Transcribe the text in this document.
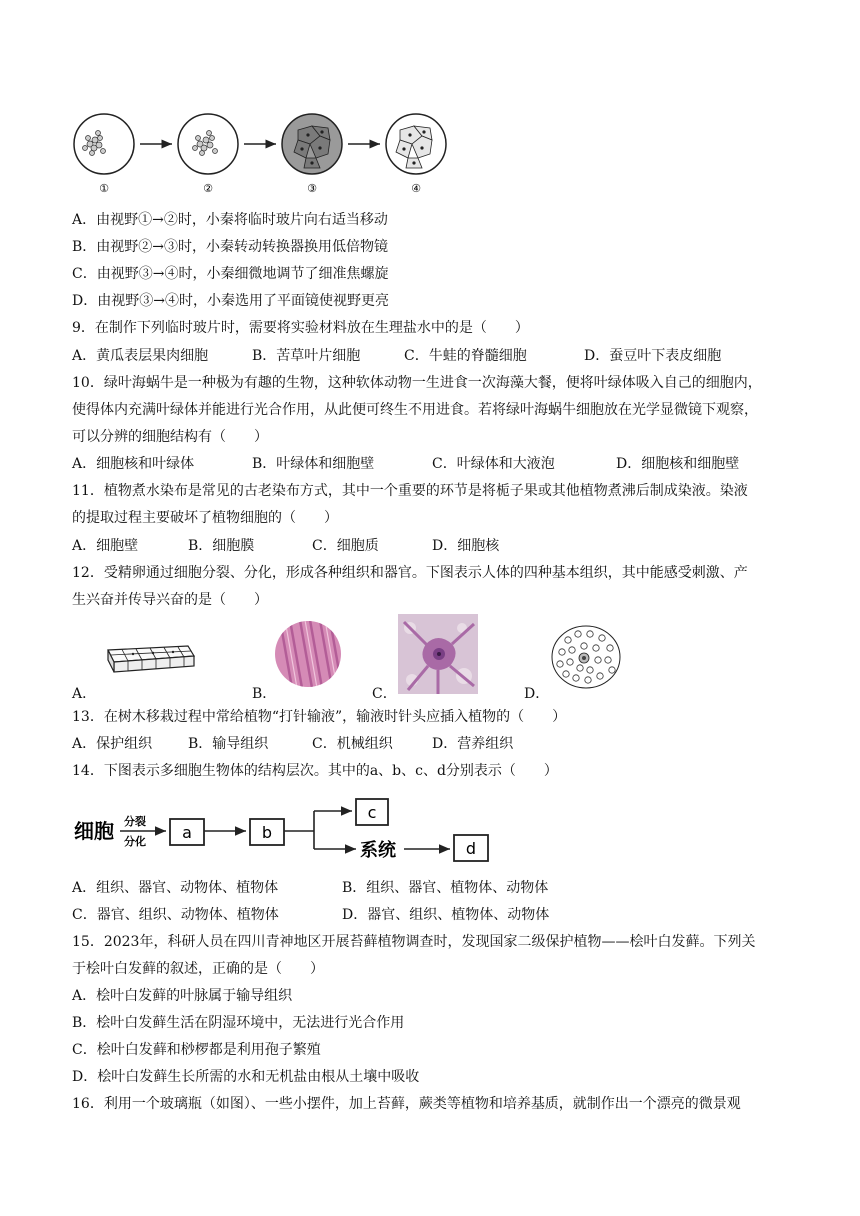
①	②	③	④
A．由视野①→②时，小秦将临时玻片向右适当移动
B．由视野②→③时，小秦转动转换器换用低倍物镜
C．由视野③→④时，小秦细微地调节了细准焦螺旋
D．由视野③→④时，小秦选用了平面镜使视野更亮
9．在制作下列临时玻片时，需要将实验材料放在生理盐水中的是（　　）
A．黄瓜表层果肉细胞	B．苦草叶片细胞	C．牛蛙的脊髓细胞	D．蚕豆叶下表皮细胞
10．绿叶海蜗牛是一种极为有趣的生物，这种软体动物一生进食一次海藻大餐，便将叶绿体吸入自己的细胞内，
使得体内充满叶绿体并能进行光合作用，从此便可终生不用进食。若将绿叶海蜗牛细胞放在光学显微镜下观察，
可以分辨的细胞结构有（　　）
A．细胞核和叶绿体	B．叶绿体和细胞壁	C．叶绿体和大液泡	D．细胞核和细胞壁
11．植物煮水染布是常见的古老染布方式，其中一个重要的环节是将栀子果或其他植物煮沸后制成染液。染液
的提取过程主要破坏了植物细胞的（　　）
A．细胞壁	B．细胞膜	C．细胞质	D．细胞核
12．受精卵通过细胞分裂、分化，形成各种组织和器官。下图表示人体的四种基本组织，其中能感受刺激、产
生兴奋并传导兴奋的是（　　）
A．	B．	C．	D．
13．在树木移栽过程中常给植物“打针输液”，输液时针头应插入植物的（　　）
A．保护组织	B．输导组织	C．机械组织	D．营养组织
14．下图表示多细胞生物体的结构层次。其中的a、b、c、d分别表示（　　）
细胞 分裂
分化 a	b
c
系统	d
A．组织、器官、动物体、植物体	B．组织、器官、植物体、动物体
C．器官、组织、动物体、植物体	D．器官、组织、植物体、动物体
15．2023年，科研人员在四川青神地区开展苔藓植物调查时，发现国家二级保护植物——桧叶白发藓。下列关
于桧叶白发藓的叙述，正确的是（　　）
A．桧叶白发藓的叶脉属于输导组织
B．桧叶白发藓生活在阴湿环境中，无法进行光合作用
C．桧叶白发藓和桫椤都是利用孢子繁殖
D．桧叶白发藓生长所需的水和无机盐由根从土壤中吸收
16．利用一个玻璃瓶（如图）、一些小摆件，加上苔藓，蕨类等植物和培养基质，就制作出一个漂亮的微景观
